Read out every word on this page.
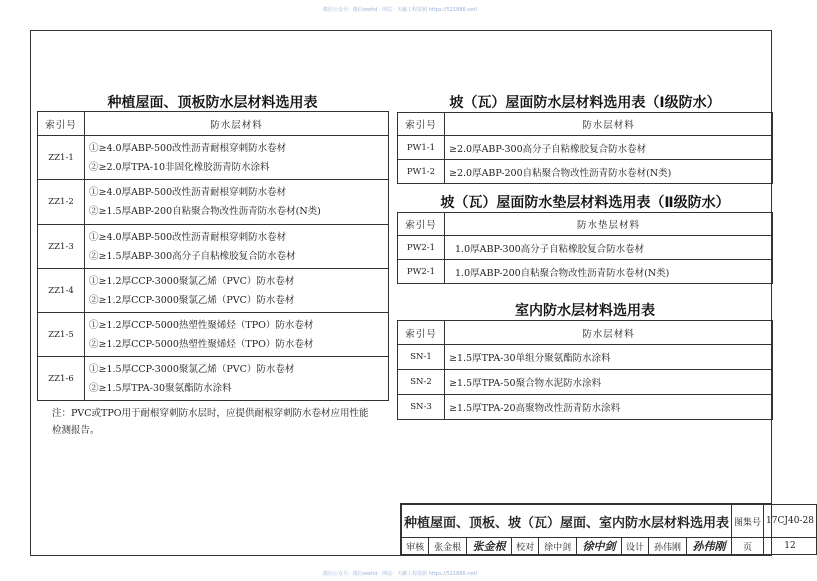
微信公众号：微信wwhd · 网站：天籁工程资源 https://521886.net/
微信公众号：微信wwhd · 网站：天籁工程资源 https://521886.net/
种植屋面、顶板防水层材料选用表
索引号	防水层材料
ZZ1-1	①≥4.0厚ABP-500改性沥青耐根穿刺防水卷材
②≥2.0厚TPA-10非固化橡胶沥青防水涂料

ZZ1-2	①≥4.0厚ABP-500改性沥青耐根穿刺防水卷材
②≥1.5厚ABP-200自粘聚合物改性沥青防水卷材(N类)

ZZ1-3	①≥4.0厚ABP-500改性沥青耐根穿刺防水卷材
②≥1.5厚ABP-300高分子自粘橡胶复合防水卷材

ZZ1-4	①≥1.2厚CCP-3000聚氯乙烯（PVC）防水卷材
②≥1.2厚CCP-3000聚氯乙烯（PVC）防水卷材

ZZ1-5	①≥1.2厚CCP-5000热塑性聚烯烃（TPO）防水卷材
②≥1.2厚CCP-5000热塑性聚烯烃（TPO）防水卷材

ZZ1-6	①≥1.5厚CCP-3000聚氯乙烯（PVC）防水卷材
②≥1.5厚TPA-30聚氨酯防水涂料
注：PVC或TPO用于耐根穿刺防水层时，应提供耐根穿刺防水卷材应用性能检测报告。
坡（瓦）屋面防水层材料选用表（Ⅰ级防水）
索引号	防水层材料
PW1-1	≥2.0厚ABP-300高分子自粘橡胶复合防水卷材
PW1-2	≥2.0厚ABP-200自粘聚合物改性沥青防水卷材(N类)
坡（瓦）屋面防水垫层材料选用表（Ⅱ级防水）
索引号	防水垫层材料
PW2-1	1.0厚ABP-300高分子自粘橡胶复合防水卷材
PW2-1	1.0厚ABP-200自粘聚合物改性沥青防水卷材(N类)
室内防水层材料选用表
索引号	防水层材料
SN-1	≥1.5厚TPA-30单组分聚氨酯防水涂料
SN-2	≥1.5厚TPA-50聚合物水泥防水涂料
SN-3	≥1.5厚TPA-20高聚物改性沥青防水涂料
种植屋面、顶板、坡（瓦）屋面、室内防水层材料选用表									图集号	17CJ40-28
审核	张金根	张金根	校对	徐中剑	徐中剑	设计	孙伟刚	孙伟刚	页	12
